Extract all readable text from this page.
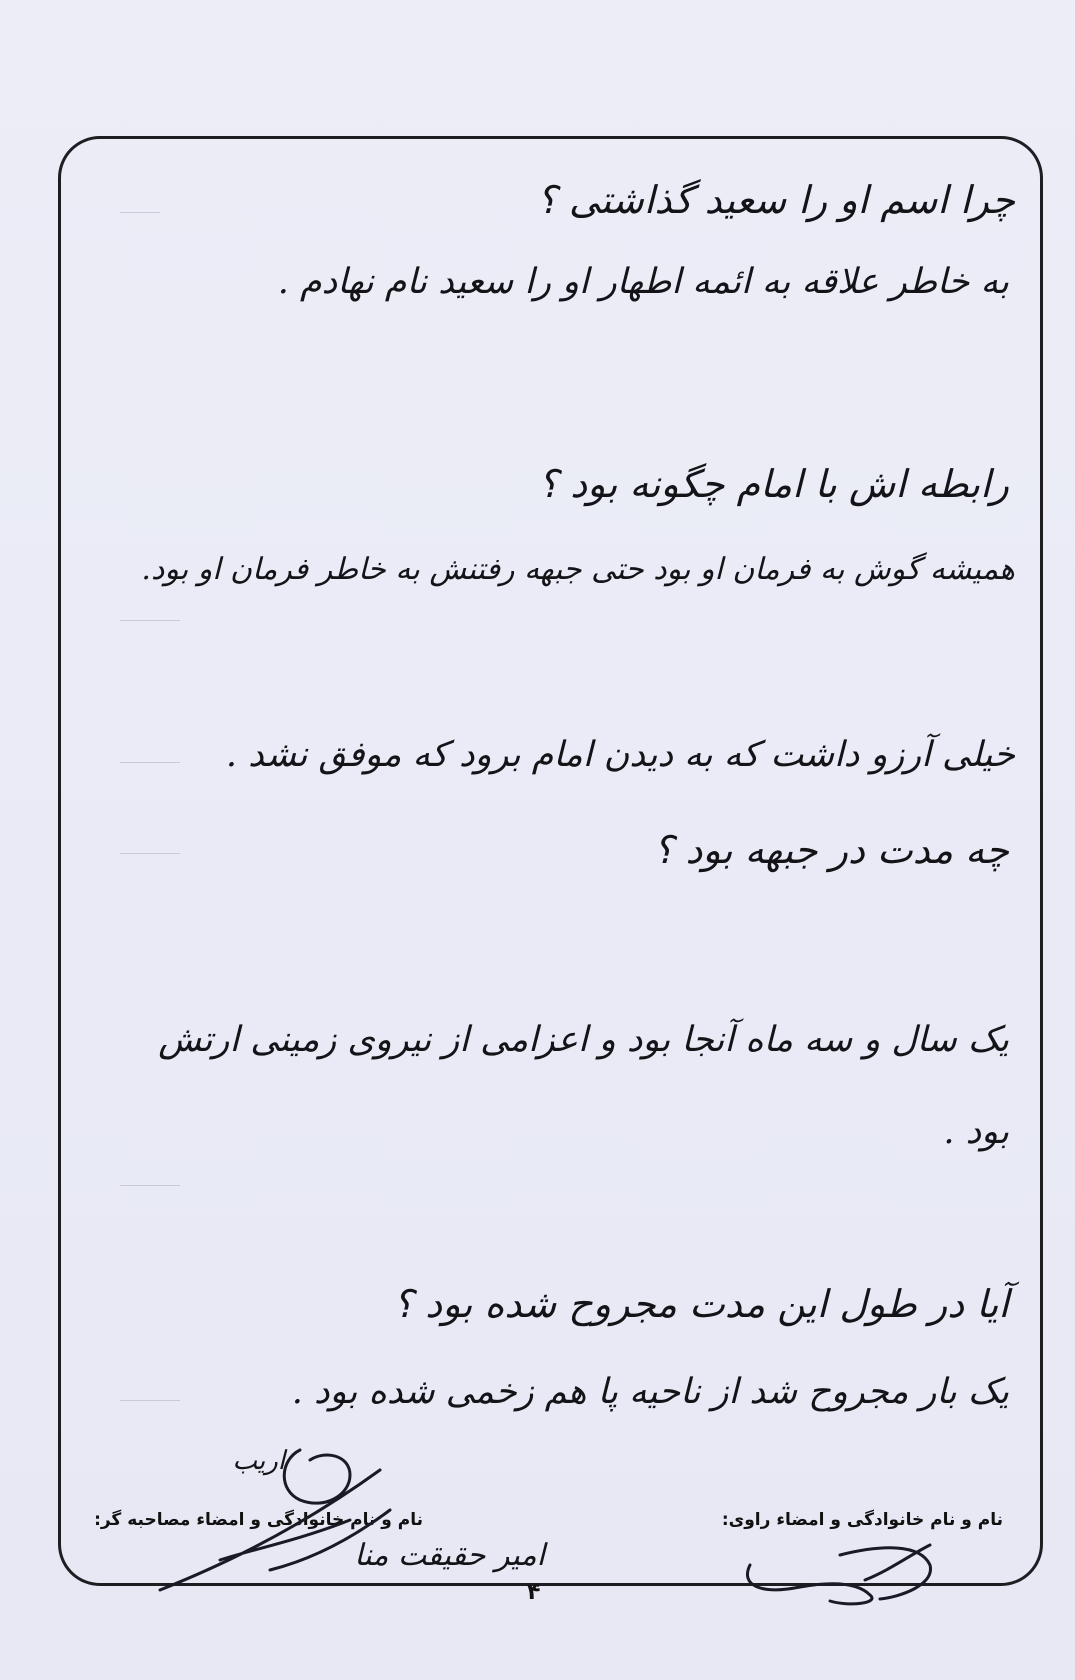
چرا اسم او را سعید گذاشتی ؟
به خاطر علاقه به ائمه اطهار او را سعید نام نهادم .
رابطه اش با امام چگونه بود ؟
همیشه گوش به فرمان او بود حتی جبهه رفتنش به خاطر فرمان او بود.
خیلی آرزو داشت که به دیدن امام برود که موفق نشد .
چه مدت در جبهه بود ؟
یک سال و سه ماه آنجا بود و اعزامی از نیروی زمینی ارتش
بود .
آیا در طول این مدت مجروح شده بود ؟
یک بار مجروح شد از ناحیه پا هم زخمی شده بود .
نام و نام خانوادگی و امضاء راوی:
نام و نام خانوادگی و امضاء مصاحبه گر:
امیر حقیقت منا
اریب
۴
